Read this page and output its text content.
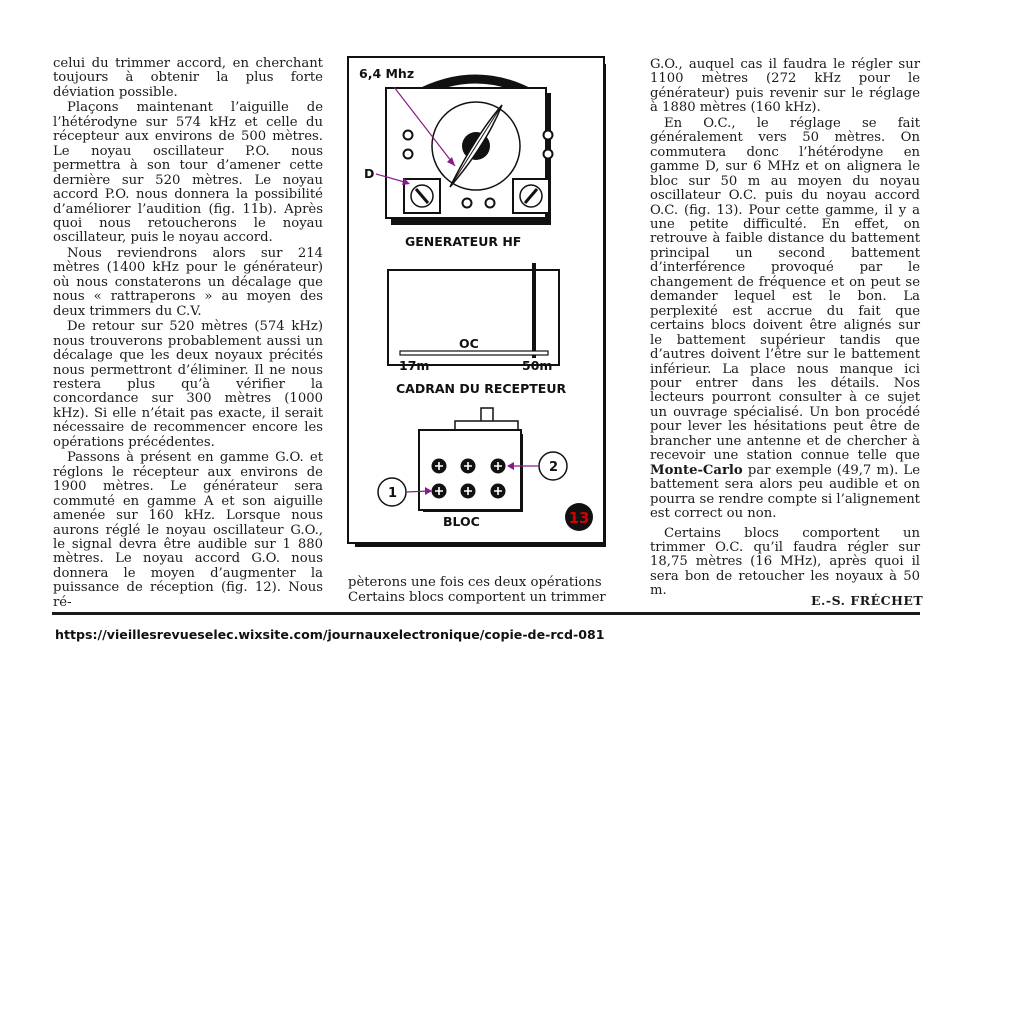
celui du trimmer accord, en cherchant toujours à obtenir la plus forte déviation possible.

Plaçons maintenant l’aiguille de l’hétérodyne sur 574 kHz et celle du récepteur aux environs de 500 mètres. Le noyau oscillateur P.O. nous permettra à son tour d’amener cette dernière sur 520 mètres. Le noyau accord P.O. nous donnera la possibilité d’améliorer l’audition (fig. 11b). Après quoi nous retoucherons le noyau oscillateur, puis le noyau accord.

Nous reviendrons alors sur 214 mètres (1400 kHz pour le générateur) où nous constaterons un décalage que nous « rattraperons » au moyen des deux trimmers du C.V.

De retour sur 520 mètres (574 kHz) nous trouverons probablement aussi un décalage que les deux noyaux précités nous permettront d’éliminer. Il ne nous restera plus qu’à vérifier la concordance sur 300 mètres (1000 kHz). Si elle n’était pas exacte, il serait nécessaire de recommencer encore les opérations précédentes.

Passons à présent en gamme G.O. et réglons le récepteur aux environs de 1900 mètres. Le générateur sera commuté en gamme A et son aiguille amenée sur 160 kHz. Lorsque nous aurons réglé le noyau oscillateur G.O., le signal devra être audible sur 1 880 mètres. Le noyau accord G.O. nous donnera le moyen d’augmenter la puissance de réception (fig. 12). Nous ré-

6,4 Mhz
D
GENERATEUR HF
OC
17m	50m
CADRAN DU RECEPTEUR
1
2
BLOC	13

pèterons une fois ces deux opérations

Certains blocs comportent un trimmer

G.O., auquel cas il faudra le régler sur 1100 mètres (272 kHz pour le générateur) puis revenir sur le réglage à 1880 mètres (160 kHz).

En O.C., le réglage se fait généralement vers 50 mètres. On commutera donc l’hétérodyne en gamme D, sur 6 MHz et on alignera le bloc sur 50 m au moyen du noyau oscillateur O.C. puis du noyau accord O.C. (fig. 13). Pour cette gamme, il y a une petite difficulté. En effet, on retrouve à faible distance du battement principal un second battement d’interférence provoqué par le changement de fréquence et on peut se demander lequel est le bon. La perplexité est accrue du fait que certains blocs doivent être alignés sur le battement supérieur tandis que d’autres doivent l’être sur le battement inférieur. La place nous manque ici pour entrer dans les détails. Nos lecteurs pourront consulter à ce sujet un ouvrage spécialisé. Un bon procédé pour lever les hésitations peut être de brancher une antenne et de chercher à recevoir une station connue telle que Monte-Carlo par exemple (49,7 m). Le battement sera alors peu audible et on pourra se rendre compte si l’alignement est correct ou non.

Certains blocs comportent un trimmer O.C. qu’il faudra régler sur 18,75 mètres (16 MHz), après quoi il sera bon de retoucher les noyaux à 50 m.

E.-S. FRÉCHET
https://vieillesrevueselec.wixsite.com/journauxelectronique/copie-de-rcd-081
